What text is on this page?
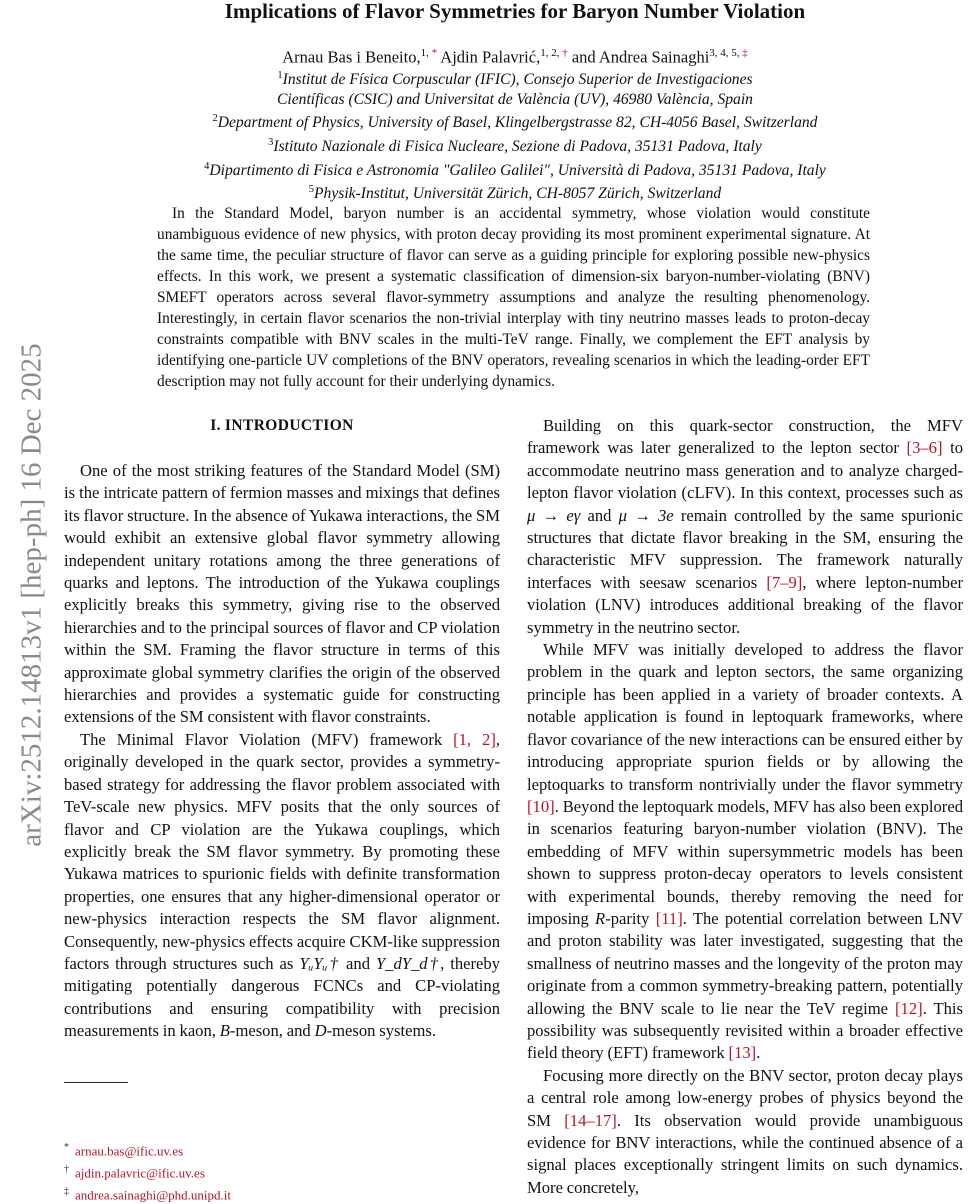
Implications of Flavor Symmetries for Baryon Number Violation
Arnau Bas i Beneito,$^{1, *}$ Ajdin Palavrić,$^{1, 2, \dagger}$ and Andrea Sainaghi$^{3, 4, 5, \ddagger}$
$^1$Institut de Física Corpuscular (IFIC), Consejo Superior de Investigaciones
Científicas (CSIC) and Universitat de València (UV), 46980 València, Spain
$^2$Department of Physics, University of Basel, Klingelbergstrasse 82, CH-4056 Basel, Switzerland
$^3$Istituto Nazionale di Fisica Nucleare, Sezione di Padova, 35131 Padova, Italy
$^4$Dipartimento di Fisica e Astronomia "Galileo Galilei", Università di Padova, 35131 Padova, Italy
$^5$Physik-Institut, Universität Zürich, CH-8057 Zürich, Switzerland
In the Standard Model, baryon number is an accidental symmetry, whose violation would constitute unambiguous evidence of new physics, with proton decay providing its most prominent experimental signature. At the same time, the peculiar structure of flavor can serve as a guiding principle for exploring possible new-physics effects. In this work, we present a systematic classification of dimension-six baryon-number-violating (BNV) SMEFT operators across several flavor-symmetry assumptions and analyze the resulting phenomenology. Interestingly, in certain flavor scenarios the non-trivial interplay with tiny neutrino masses leads to proton-decay constraints compatible with BNV scales in the multi-TeV range. Finally, we complement the EFT analysis by identifying one-particle UV completions of the BNV operators, revealing scenarios in which the leading-order EFT description may not fully account for their underlying dynamics.
arXiv:2512.14813v1 [hep-ph] 16 Dec 2025	I. INTRODUCTION

One of the most striking features of the Standard Model (SM) is the intricate pattern of fermion masses and mixings that defines its flavor structure. In the absence of Yukawa interactions, the SM would exhibit an extensive global flavor symmetry allowing independent unitary rotations among the three generations of quarks and leptons. The introduction of the Yukawa couplings explicitly breaks this symmetry, giving rise to the observed hierarchies and to the principal sources of flavor and CP violation within the SM. Framing the flavor structure in terms of this approximate global symmetry clarifies the origin of the observed hierarchies and provides a systematic guide for constructing extensions of the SM consistent with flavor constraints.

The Minimal Flavor Violation (MFV) framework [1, 2], originally developed in the quark sector, provides a symmetry-based strategy for addressing the flavor problem associated with TeV-scale new physics. MFV posits that the only sources of flavor and CP violation are the Yukawa couplings, which explicitly break the SM flavor symmetry. By promoting these Yukawa matrices to spurionic fields with definite transformation properties, one ensures that any higher-dimensional operator or new-physics interaction respects the SM flavor alignment. Consequently, new-physics effects acquire CKM-like suppression factors through structures such as YᵤYᵤ† and Y_dY_d†, thereby mitigating potentially dangerous FCNCs and CP-violating contributions and ensuring compatibility with precision measurements in kaon, B-meson, and D-meson systems.

Building on this quark-sector construction, the MFV framework was later generalized to the lepton sector [3–6] to accommodate neutrino mass generation and to analyze charged-lepton flavor violation (cLFV). In this context, processes such as μ → eγ and μ → 3e remain controlled by the same spurionic structures that dictate flavor breaking in the SM, ensuring the characteristic MFV suppression. The framework naturally interfaces with seesaw scenarios [7–9], where lepton-number violation (LNV) introduces additional breaking of the flavor symmetry in the neutrino sector.

While MFV was initially developed to address the flavor problem in the quark and lepton sectors, the same organizing principle has been applied in a variety of broader contexts. A notable application is found in leptoquark frameworks, where flavor covariance of the new interactions can be ensured either by introducing appropriate spurion fields or by allowing the leptoquarks to transform nontrivially under the flavor symmetry [10]. Beyond the leptoquark models, MFV has also been explored in scenarios featuring baryon-number violation (BNV). The embedding of MFV within supersymmetric models has been shown to suppress proton-decay operators to levels consistent with experimental bounds, thereby removing the need for imposing R-parity [11]. The potential correlation between LNV and proton stability was later investigated, suggesting that the smallness of neutrino masses and the longevity of the proton may originate from a common symmetry-breaking pattern, potentially allowing the BNV scale to lie near the TeV regime [12]. This possibility was subsequently revisited within a broader effective field theory (EFT) framework [13].

Focusing more directly on the BNV sector, proton decay plays a central role among low-energy probes of physics beyond the SM [14–17]. Its observation would provide unambiguous evidence for BNV interactions, while the continued absence of a signal places exceptionally stringent limits on such dynamics. More concretely,

* arnau.bas@ific.uv.es
† ajdin.palavric@ific.uv.es
‡ andrea.sainaghi@phd.unipd.it
